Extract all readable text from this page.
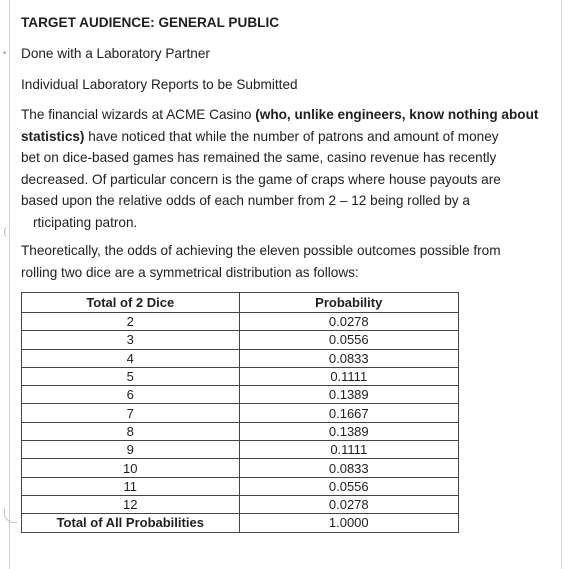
TARGET AUDIENCE: GENERAL PUBLIC
• Done with a Laboratory Partner
Individual Laboratory Reports to be Submitted
The financial wizards at ACME Casino (who, unlike engineers, know nothing about
statistics) have noticed that while the number of patrons and amount of money
bet on dice-based games has remained the same, casino revenue has recently
decreased. Of particular concern is the game of craps where house payouts are
based upon the relative odds of each number from 2 – 12 being rolled by a
rticipating patron.
Theoretically, the odds of achieving the eleven possible outcomes possible from
rolling two dice are a symmetrical distribution as follows:
Total of 2 Dice	Probability
2	0.0278
3	0.0556
4	0.0833
5	0.1111
6	0.1389
7	0.1667
8	0.1389
9	0.1111
10	0.0833
11	0.0556
12	0.0278
Total of All Probabilities	1.0000
